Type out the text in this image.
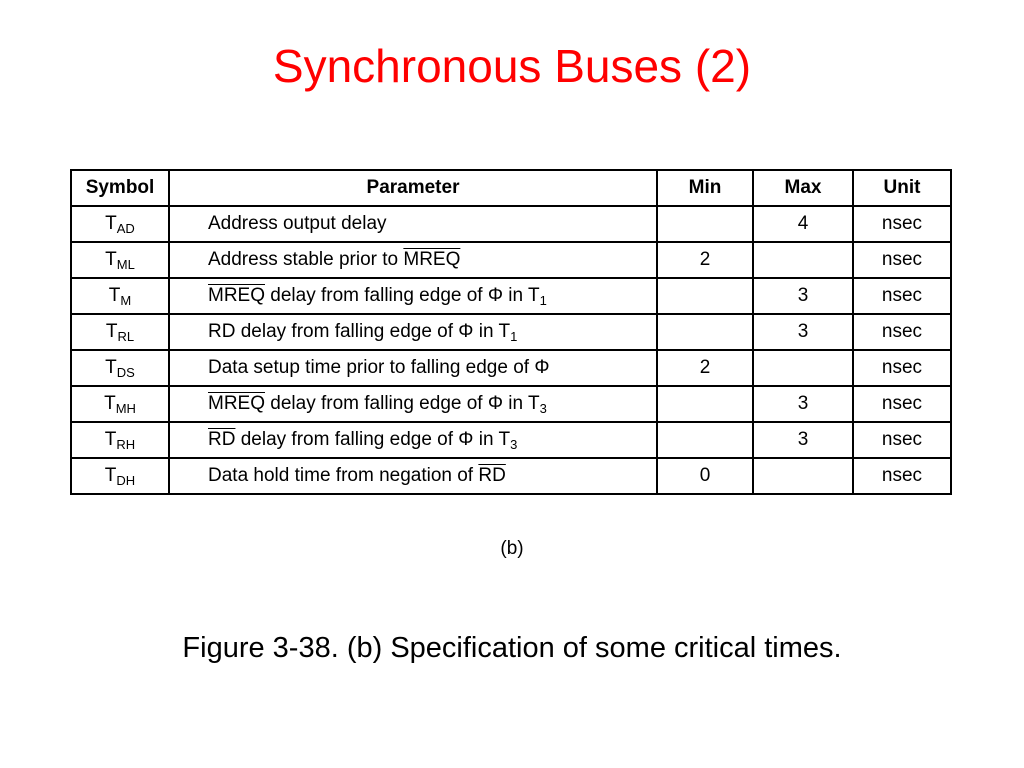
Synchronous Buses (2)
Symbol	Parameter	Min	Max	Unit
$T_{AD}$	Address output delay		4	nsec
$T_{ML}$	Address stable prior to MREQ	2		nsec
$T_M$	MREQ delay from falling edge of Φ in $T_1$		3	nsec
$T_{RL}$	RD delay from falling edge of Φ in $T_1$		3	nsec
$T_{DS}$	Data setup time prior to falling edge of Φ	2		nsec
$T_{MH}$	MREQ delay from falling edge of Φ in $T_3$		3	nsec
$T_{RH}$	$\overline{RD}$ delay from falling edge of Φ in $T_3$		3	nsec
$T_{DH}$	Data hold time from negation of $\overline{RD}$	0		nsec
(b)
Figure 3-38. (b) Specification of some critical times.
